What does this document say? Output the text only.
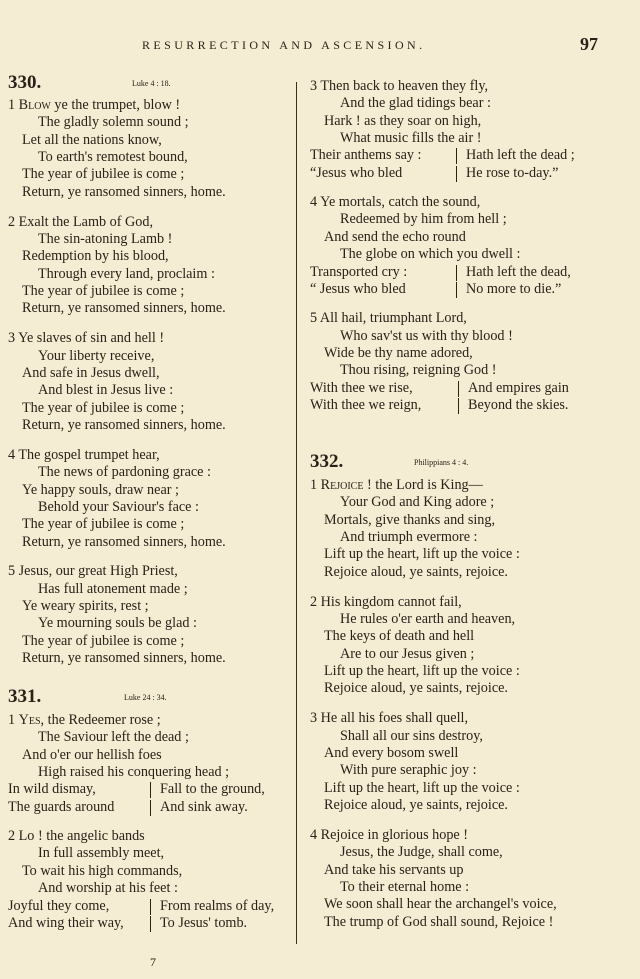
RESURRECTION AND ASCENSION.	97
330.	Luke 4 : 18.
1 Blow ye the trumpet, blow !
The gladly solemn sound ;
Let all the nations know,
To earth's remotest bound,
The year of jubilee is come ;
Return, ye ransomed sinners, home.
2 Exalt the Lamb of God,
The sin-atoning Lamb !
Redemption by his blood,
Through every land, proclaim :
The year of jubilee is come ;
Return, ye ransomed sinners, home.
3 Ye slaves of sin and hell !
Your liberty receive,
And safe in Jesus dwell,
And blest in Jesus live :
The year of jubilee is come ;
Return, ye ransomed sinners, home.
4 The gospel trumpet hear,
The news of pardoning grace :
Ye happy souls, draw near ;
Behold your Saviour's face :
The year of jubilee is come ;
Return, ye ransomed sinners, home.
5 Jesus, our great High Priest,
Has full atonement made ;
Ye weary spirits, rest ;
Ye mourning souls be glad :
The year of jubilee is come ;
Return, ye ransomed sinners, home.
331.	Luke 24 : 34.
1 Yes, the Redeemer rose ;
The Saviour left the dead ;
And o'er our hellish foes
High raised his conquering head ;
In wild dismay,	Fall to the ground,
The guards around	And sink away.
2 Lo ! the angelic bands
In full assembly meet,
To wait his high commands,
And worship at his feet :
Joyful they come,	From realms of day,
And wing their way,	To Jesus' tomb.
3 Then back to heaven they fly,
And the glad tidings bear :
Hark ! as they soar on high,
What music fills the air !
Their anthems say :	Hath left the dead ;
“Jesus who bled	He rose to-day.”
4 Ye mortals, catch the sound,
Redeemed by him from hell ;
And send the echo round
The globe on which you dwell :
Transported cry :	Hath left the dead,
“ Jesus who bled	No more to die.”
5 All hail, triumphant Lord,
Who sav'st us with thy blood !
Wide be thy name adored,
Thou rising, reigning God !
With thee we rise,	And empires gain
With thee we reign,	Beyond the skies.
332.	Philippians 4 : 4.
1 Rejoice ! the Lord is King—
Your God and King adore ;
Mortals, give thanks and sing,
And triumph evermore :
Lift up the heart, lift up the voice :
Rejoice aloud, ye saints, rejoice.
2 His kingdom cannot fail,
He rules o'er earth and heaven,
The keys of death and hell
Are to our Jesus given ;
Lift up the heart, lift up the voice :
Rejoice aloud, ye saints, rejoice.
3 He all his foes shall quell,
Shall all our sins destroy,
And every bosom swell
With pure seraphic joy :
Lift up the heart, lift up the voice :
Rejoice aloud, ye saints, rejoice.
4 Rejoice in glorious hope !
Jesus, the Judge, shall come,
And take his servants up
To their eternal home :
We soon shall hear the archangel's voice,
The trump of God shall sound, Rejoice !
7
